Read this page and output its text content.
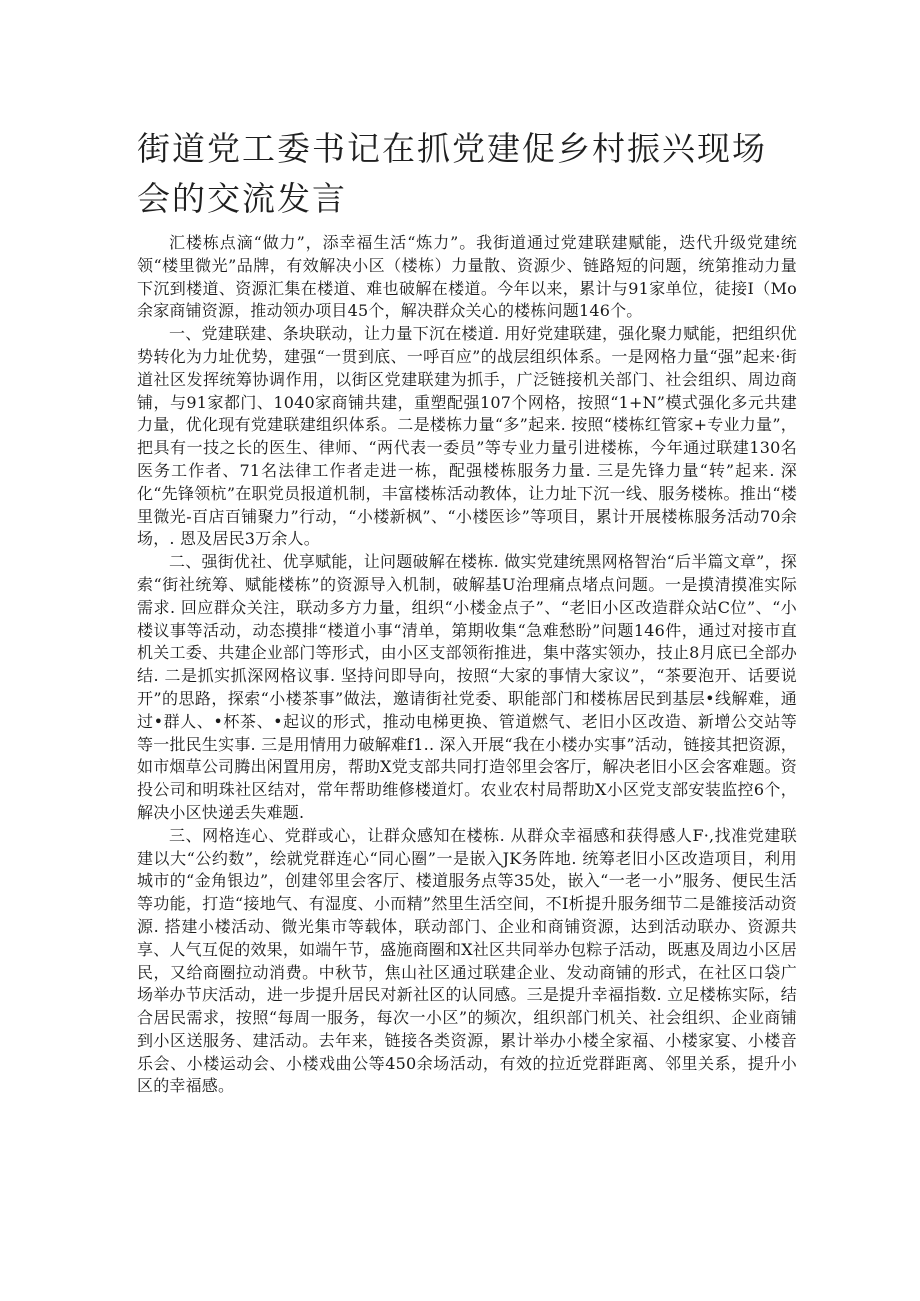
街道党工委书记在抓党建促乡村振兴现场会的交流发言

汇楼栋点滴“做力”，添幸福生活“炼力”。我街道通过党建联建赋能，迭代升级党建统领“楼里微光”品牌，有效解决小区（楼栋）力量散、资源少、链路短的问题，统第推动力量下沉到楼道、资源汇集在楼道、难也破解在楼道。今年以来，累计与91家单位，徒接I（Mo余家商铺资源，推动领办项目45个，解决群众关心的楼栋问题146个。

一、党建联建、条块联动，让力量下沉在楼道. 用好党建联建，强化聚力赋能，把组织优势转化为力址优势，建强“一贯到底、一呼百应”的战层组织体系。一是网格力量“强”起来·街道社区发挥统筹协调作用，以街区党建联建为抓手，广泛链接机关部门、社会组织、周边商铺，与91家都门、1040家商铺共建，重塑配强107个网格，按照“1+N”模式强化多元共建力量，优化现有党建联建组织体系。二是楼栋力量“多”起来. 按照“楼栋红管家+专业力量”，把具有一技之长的医生、律师、“两代表一委员”等专业力量引进楼栋，今年通过联建130名医务工作者、71名法律工作者走进一栋，配强楼栋服务力量. 三是先锋力量“转”起来. 深化“先锋领杭”在职党员报道机制，丰富楼栋活动教体，让力址下沉一线、服务楼栋。推出“楼里微光-百店百铺聚力”行动，“小楼新枫”、“小楼医诊”等项目，累计开展楼栋服务活动70余场，. 恩及居民3万余人。

二、强街优社、优享赋能，让问题破解在楼栋. 做实党建统黑网格智治“后半篇文章”，探索“街社统筹、赋能楼栋”的资源导入机制，破解基U治理痛点堵点问题。一是摸清摸准实际需求. 回应群众关注，联动多方力量，组织“小楼金点子”、“老旧小区改造群众站C位”、“小楼议事等活动，动态摸排“楼道小事“清单，第期收集“急难愁盼”问题146件，通过对接市直机关工委、共建企业部门等形式，由小区支部领衔推进，集中落实领办，技止8月底已全部办结. 二是抓实抓深网格议事. 坚持问即导向，按照“大家的事情大家议”，“茶要泡开、话要说开”的思路，探索“小楼茶事”做法，邀请街社党委、职能部门和楼栋居民到基层•线解难，通过•群人、•杯茶、•起议的形式，推动电梯更换、管道燃气、老旧小区改造、新增公交站等等一批民生实事. 三是用情用力破解难f1.. 深入开展“我在小楼办实事”活动，链接其把资源，如市烟草公司腾出闲置用房，帮助X党支部共同打造邻里会客厅，解决老旧小区会客难题。资投公司和明珠社区结对，常年帮助维修楼道灯。农业农村局帮助X小区党支部安装监控6个，解决小区快递丢失难题.

三、网格连心、党群或心，让群众感知在楼栋. 从群众幸福感和获得感人F·,找准党建联建以大“公约数”，绘就党群连心“同心圈”一是嵌入JK务阵地. 统筹老旧小区改造项目，利用城市的“金角银边”，创建邻里会客厅、楼道服务点等35处，嵌入“一老一小”服务、便民生活等功能，打造“接地气、有湿度、小而精”然里生活空间，不I析提升服务细节二是雒接活动资源. 搭建小楼活动、微光集市等载体，联动部门、企业和商铺资源，达到活动联办、资源共享、人气互促的效果，如端午节，盛施商圈和X社区共同举办包粽子活动，既惠及周边小区居民，又给商圈拉动消费。中秋节，焦山社区通过联建企业、发动商铺的形式，在社区口袋广场举办节庆活动，进一步提升居民对新社区的认同感。三是提升幸福指数. 立足楼栋实际，结合居民需求，按照“每周一服务，每次一小区”的频次，组织部门机关、社会组织、企业商铺到小区送服务、建活动。去年来，链接各类资源，累计举办小楼全家福、小楼家宴、小楼音乐会、小楼运动会、小楼戏曲公等450余场活动，有效的拉近党群距离、邻里关系，提升小区的幸福感。
